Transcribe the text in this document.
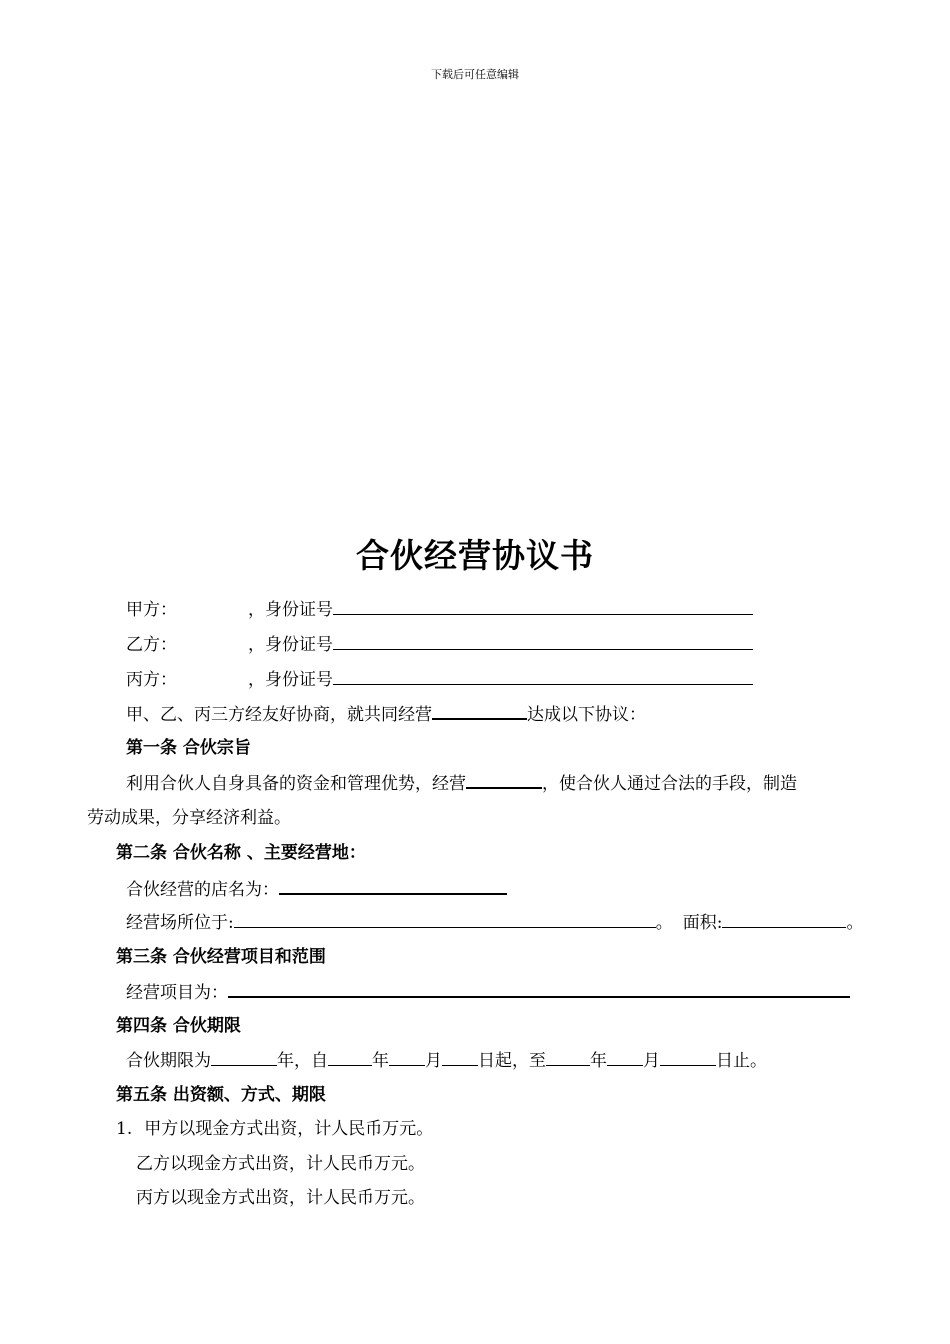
下载后可任意编辑
合伙经营协议书
甲方：	，身份证号
乙方：	，身份证号
丙方：	，身份证号
甲、乙、丙三方经友好协商，就共同经营	达成以下协议：
第一条 合伙宗旨
利用合伙人自身具备的资金和管理优势，经营	，使合伙人通过合法的手段，制造
劳动成果，分享经济利益。
第二条 合伙名称 、主要经营地：
合伙经营的店名为：
经营场所位于:	。 面积:	。
第三条 合伙经营项目和范围
经营项目为：
第四条 合伙期限
合伙期限为	年，自	年 月 日起，至	年 月	日止。
第五条 出资额、方式、期限
1. 甲方以现金方式出资，计人民币万元。
乙方以现金方式出资，计人民币万元。
丙方以现金方式出资，计人民币万元。
